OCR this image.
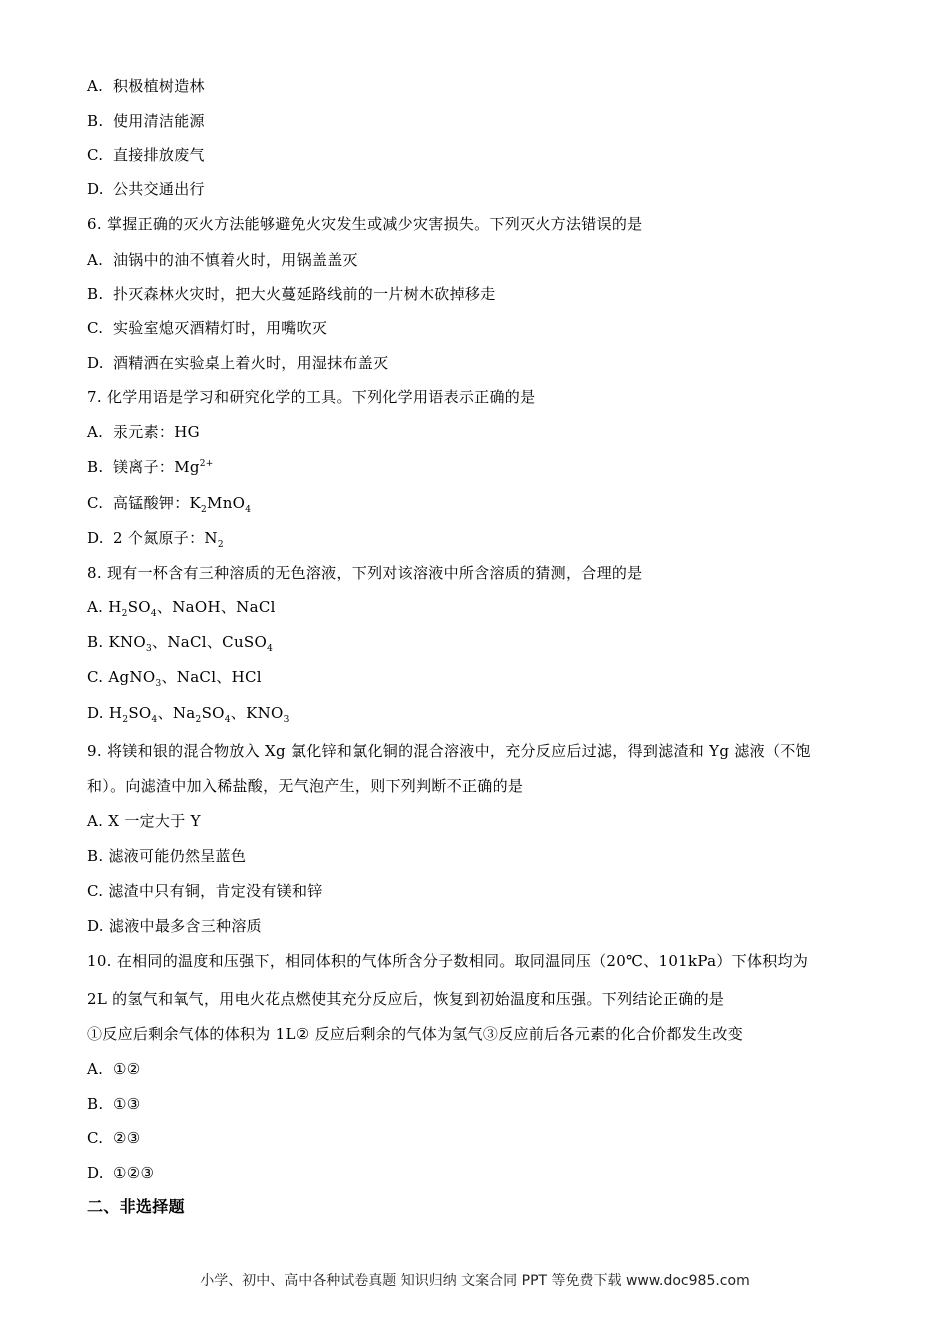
A. 积极植树造林
B. 使用清洁能源
C. 直接排放废气
D. 公共交通出行
6. 掌握正确的灭火方法能够避免火灾发生或减少灾害损失。下列灭火方法错误的是
A. 油锅中的油不慎着火时，用锅盖盖灭
B. 扑灭森林火灾时，把大火蔓延路线前的一片树木砍掉移走
C. 实验室熄灭酒精灯时，用嘴吹灭
D. 酒精洒在实验桌上着火时，用湿抹布盖灭
7. 化学用语是学习和研究化学的工具。下列化学用语表示正确的是
A. 汞元素：HG
B. 镁离子：$Mg^{2+}$
C. 高锰酸钾：$K_2MnO_4$
D. 2 个氮原子：$N_2$
8. 现有一杯含有三种溶质的无色溶液，下列对该溶液中所含溶质的猜测，合理的是
A. $H_2SO_4$、NaOH、NaCl
B. $KNO_3$、NaCl、CuSO$_4$
C. AgNO$_3$、NaCl、HCl
D. $H_2SO_4$、$Na_2SO_4$、$KNO_3$
9. 将镁和银的混合物放入 Xg 氯化锌和氯化铜的混合溶液中，充分反应后过滤，得到滤渣和 Yg 滤液（不饱
和）。向滤渣中加入稀盐酸，无气泡产生，则下列判断不正确的是
A. X 一定大于 Y
B. 滤液可能仍然呈蓝色
C. 滤渣中只有铜，肯定没有镁和锌
D. 滤液中最多含三种溶质
10. 在相同的温度和压强下，相同体积的气体所含分子数相同。取同温同压（20℃、101kPa）下体积均为
2L 的氢气和氧气，用电火花点燃使其充分反应后，恢复到初始温度和压强。下列结论正确的是
①反应后剩余气体的体积为 1L② 反应后剩余的气体为氢气③反应前后各元素的化合价都发生改变
A. ①②
B. ①③
C. ②③
D. ①②③
二、非选择题
小学、初中、高中各种试卷真题 知识归纳 文案合同 PPT 等免费下载 www.doc985.com
